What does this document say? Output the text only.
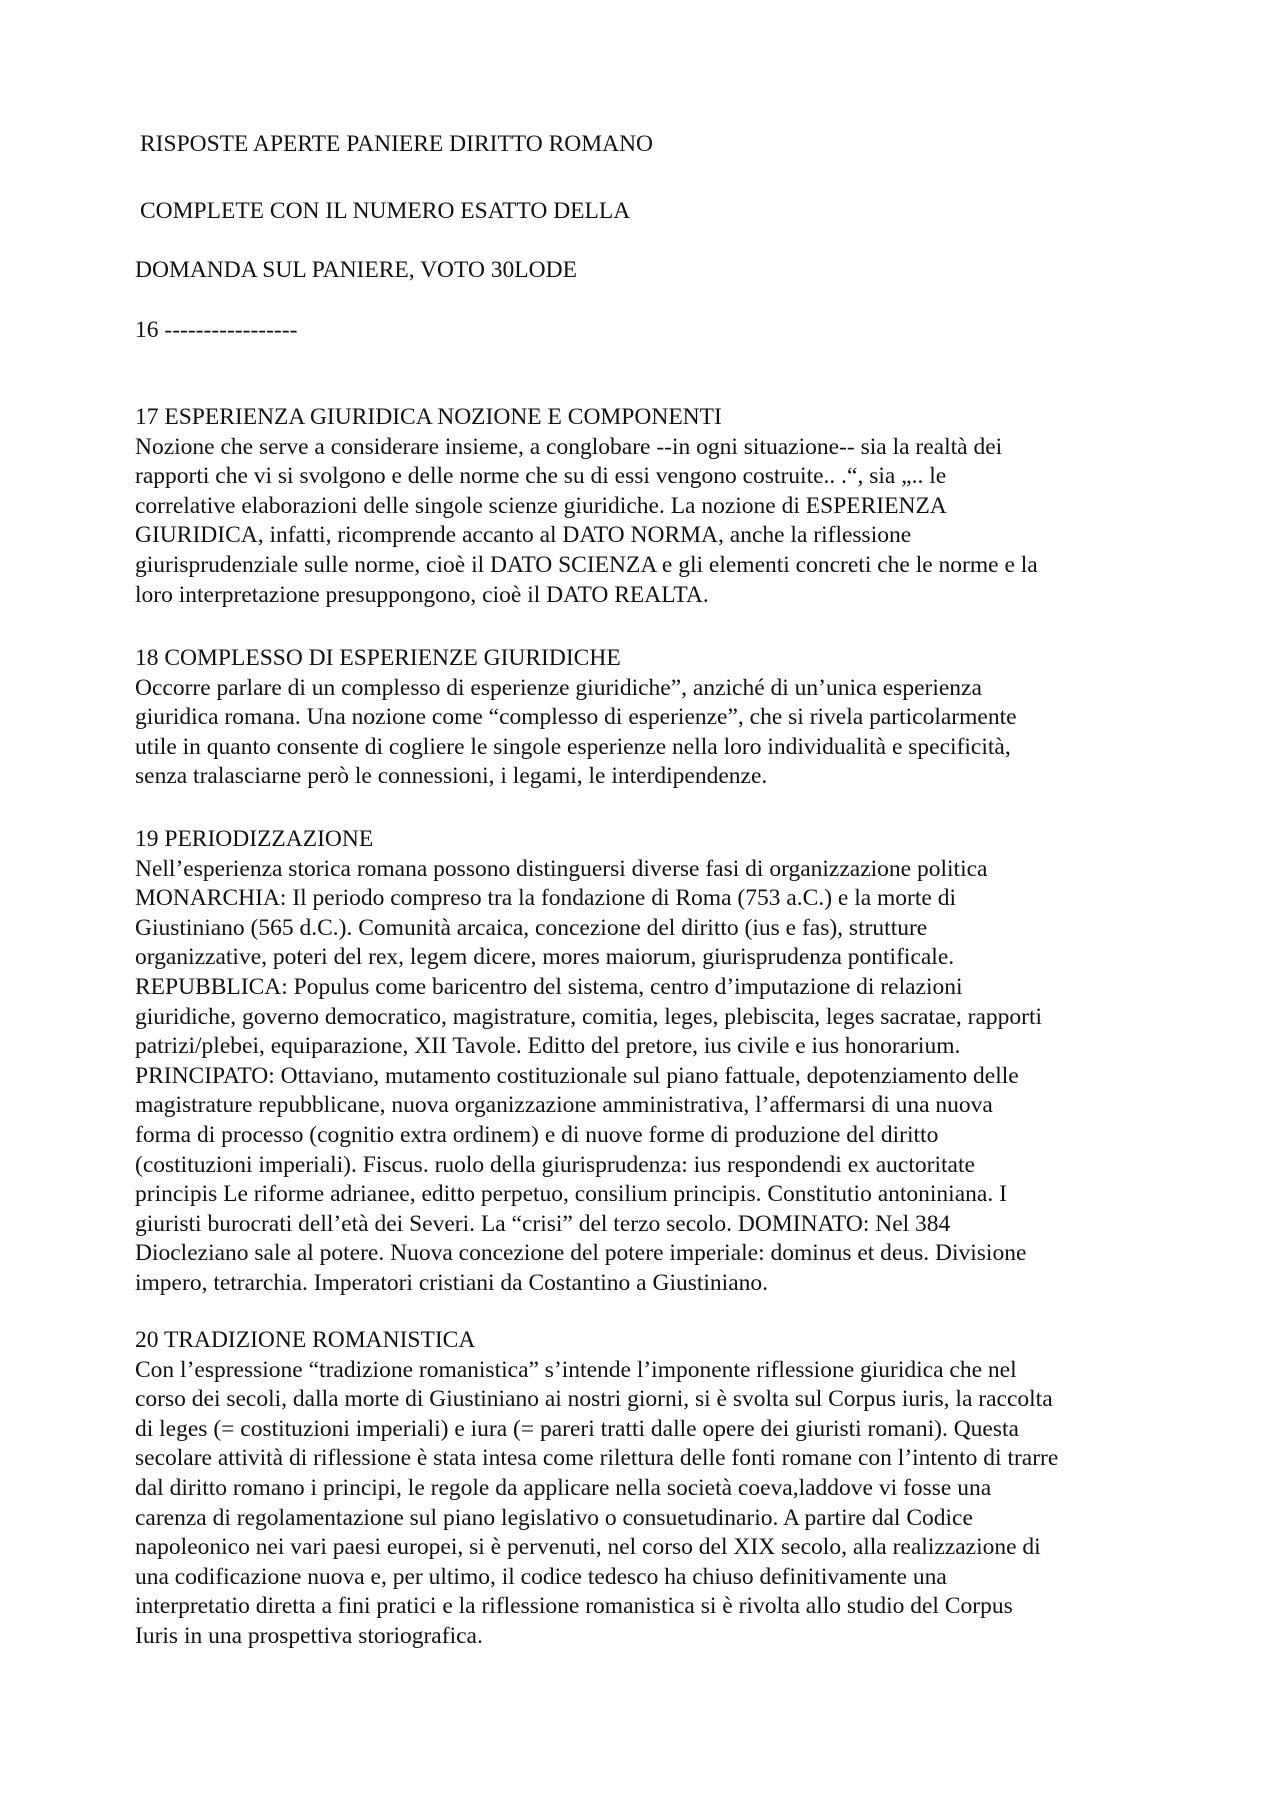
RISPOSTE APERTE PANIERE DIRITTO ROMANO
COMPLETE CON IL NUMERO ESATTO DELLA
DOMANDA SUL PANIERE, VOTO 30LODE
16 -----------------

17 ESPERIENZA GIURIDICA NOZIONE E COMPONENTI

Nozione che serve a considerare insieme, a conglobare --in ogni situazione-- sia la realtà dei

rapporti che vi si svolgono e delle norme che su di essi vengono costruite.. .“, sia „.. le

correlative elaborazioni delle singole scienze giuridiche. La nozione di ESPERIENZA

GIURIDICA, infatti, ricomprende accanto al DATO NORMA, anche la riflessione

giurisprudenziale sulle norme, cioè il DATO SCIENZA e gli elementi concreti che le norme e la

loro interpretazione presuppongono, cioè il DATO REALTA.

18 COMPLESSO DI ESPERIENZE GIURIDICHE

Occorre parlare di un complesso di esperienze giuridiche”, anziché di un’unica esperienza

giuridica romana. Una nozione come “complesso di esperienze”, che si rivela particolarmente

utile in quanto consente di cogliere le singole esperienze nella loro individualità e specificità,

senza tralasciarne però le connessioni, i legami, le interdipendenze.

19 PERIODIZZAZIONE

Nell’esperienza storica romana possono distinguersi diverse fasi di organizzazione politica

MONARCHIA: Il periodo compreso tra la fondazione di Roma (753 a.C.) e la morte di

Giustiniano (565 d.C.). Comunità arcaica, concezione del diritto (ius e fas), strutture

organizzative, poteri del rex, legem dicere, mores maiorum, giurisprudenza pontificale.

REPUBBLICA: Populus come baricentro del sistema, centro d’imputazione di relazioni

giuridiche, governo democratico, magistrature, comitia, leges, plebiscita, leges sacratae, rapporti

patrizi/plebei, equiparazione, XII Tavole. Editto del pretore, ius civile e ius honorarium.

PRINCIPATO: Ottaviano, mutamento costituzionale sul piano fattuale, depotenziamento delle

magistrature repubblicane, nuova organizzazione amministrativa, l’affermarsi di una nuova

forma di processo (cognitio extra ordinem) e di nuove forme di produzione del diritto

(costituzioni imperiali). Fiscus. ruolo della giurisprudenza: ius respondendi ex auctoritate

principis Le riforme adrianee, editto perpetuo, consilium principis. Constitutio antoniniana. I

giuristi burocrati dell’età dei Severi. La “crisi” del terzo secolo. DOMINATO: Nel 384

Diocleziano sale al potere. Nuova concezione del potere imperiale: dominus et deus. Divisione

impero, tetrarchia. Imperatori cristiani da Costantino a Giustiniano.

20 TRADIZIONE ROMANISTICA

Con l’espressione “tradizione romanistica” s’intende l’imponente riflessione giuridica che nel

corso dei secoli, dalla morte di Giustiniano ai nostri giorni, si è svolta sul Corpus iuris, la raccolta

di leges (= costituzioni imperiali) e iura (= pareri tratti dalle opere dei giuristi romani). Questa

secolare attività di riflessione è stata intesa come rilettura delle fonti romane con l’intento di trarre

dal diritto romano i principi, le regole da applicare nella società coeva,laddove vi fosse una

carenza di regolamentazione sul piano legislativo o consuetudinario. A partire dal Codice

napoleonico nei vari paesi europei, si è pervenuti, nel corso del XIX secolo, alla realizzazione di

una codificazione nuova e, per ultimo, il codice tedesco ha chiuso definitivamente una

interpretatio diretta a fini pratici e la riflessione romanistica si è rivolta allo studio del Corpus

Iuris in una prospettiva storiografica.
